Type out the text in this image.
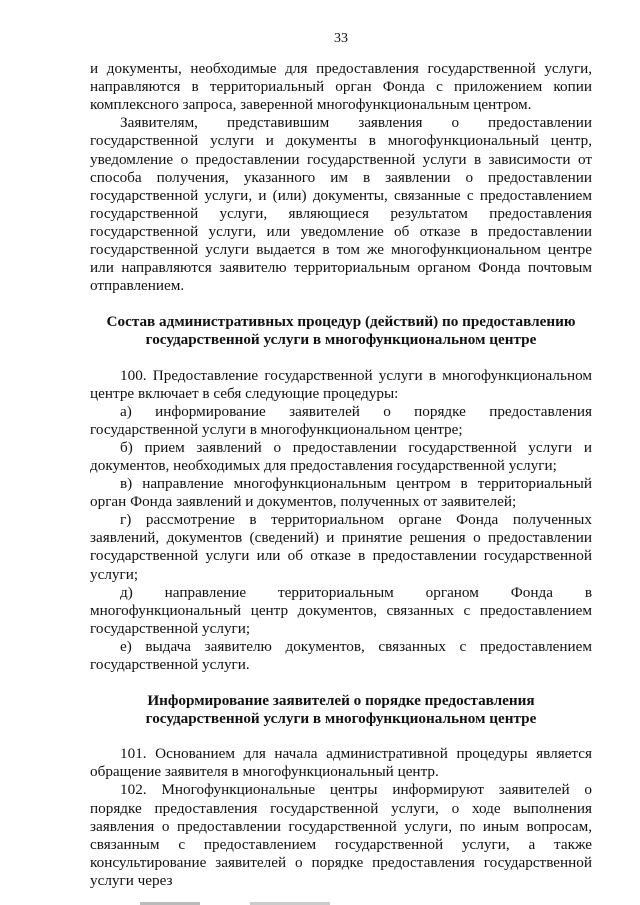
33

и документы, необходимые для предоставления государственной услуги, направляются в территориальный орган Фонда с приложением копии комплексного запроса, заверенной многофункциональным центром.

Заявителям, представившим заявления о предоставлении государственной услуги и документы в многофункциональный центр, уведомление о предоставлении государственной услуги в зависимости от способа получения, указанного им в заявлении о предоставлении государственной услуги, и (или) документы, связанные с предоставлением государственной услуги, являющиеся результатом предоставления государственной услуги, или уведомление об отказе в предоставлении государственной услуги выдается в том же многофункциональном центре или направляются заявителю территориальным органом Фонда почтовым отправлением.

Состав административных процедур (действий) по предоставлению
государственной услуги в многофункциональном центре

100. Предоставление государственной услуги в многофункциональном центре включает в себя следующие процедуры:

а) информирование заявителей о порядке предоставления государственной услуги в многофункциональном центре;

б) прием заявлений о предоставлении государственной услуги и документов, необходимых для предоставления государственной услуги;

в) направление многофункциональным центром в территориальный орган Фонда заявлений и документов, полученных от заявителей;

г) рассмотрение в территориальном органе Фонда полученных заявлений, документов (сведений) и принятие решения о предоставлении государственной услуги или об отказе в предоставлении государственной услуги;

д) направление территориальным органом Фонда в многофункциональный центр документов, связанных с предоставлением государственной услуги;

е) выдача заявителю документов, связанных с предоставлением государственной услуги.

Информирование заявителей о порядке предоставления
государственной услуги в многофункциональном центре

101. Основанием для начала административной процедуры является обращение заявителя в многофункциональный центр.

102. Многофункциональные центры информируют заявителей о порядке предоставления государственной услуги, о ходе выполнения заявления о предоставлении государственной услуги, по иным вопросам, связанным с предоставлением государственной услуги, а также консультирование заявителей о порядке предоставления государственной услуги через
